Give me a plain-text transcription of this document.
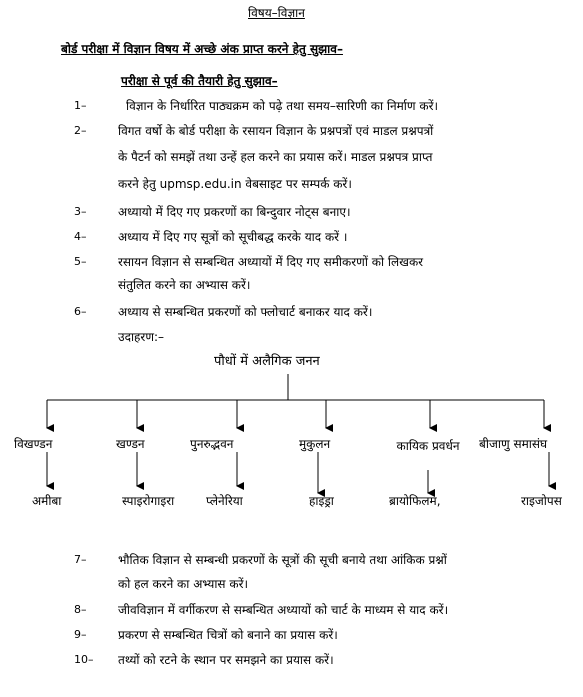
विषय–विज्ञान
बोर्ड परीक्षा में विज्ञान विषय में अच्छे अंक प्राप्त करने हेतु सुझाव–
परीक्षा से पूर्व की तैयारी हेतु सुझाव–
1–	विज्ञान के निर्धारित पाठ्यक्रम को पढ़े तथा समय–सारिणी का निर्माण करें।
2–	विगत वर्षो के बोर्ड परीक्षा के रसायन विज्ञान के प्रश्नपत्रों एवं माडल प्रश्नपत्रों
के पैटर्न को समझें तथा उन्हें हल करने का प्रयास करें। माडल प्रश्नपत्र प्राप्त
करने हेतु upmsp.edu.in वेबसाइट पर सम्पर्क करें।
3–	अध्यायो में दिए गए प्रकरणों का बिन्दुवार नोट्स बनाए।
4–	अध्याय में दिए गए सूत्रों को सूचीबद्ध करके याद करें ।
5–	रसायन विज्ञान से सम्बन्धित अध्यायों में दिए गए समीकरणों को लिखकर
संतुलित करने का अभ्यास करें।
6–	अध्याय से सम्बन्धित प्रकरणों को फ्लोचार्ट बनाकर याद करें।
उदाहरण:–
पौधों में अलैगिक जनन
विखण्डन	खण्डन	पुनरुद्भवन	मुकुलन	कायिक प्रवर्धन बीजाणु समासंघ
अमीबा	स्पाइरोगाइरा	प्लेनेरिया	हाइड्रा	ब्रायोफिलम,	राइजोपस
7–	भौतिक विज्ञान से सम्बन्धी प्रकरणों के सूत्रों की सूची बनाये तथा आंकिक प्रश्नों
को हल करने का अभ्यास करें।
8–	जीवविज्ञान में वर्गीकरण से सम्बन्धित अध्यायों को चार्ट के माध्यम से याद करें।
9–	प्रकरण से सम्बन्धित चित्रों को बनाने का प्रयास करें।
10– तथ्यों को रटने के स्थान पर समझने का प्रयास करें।
